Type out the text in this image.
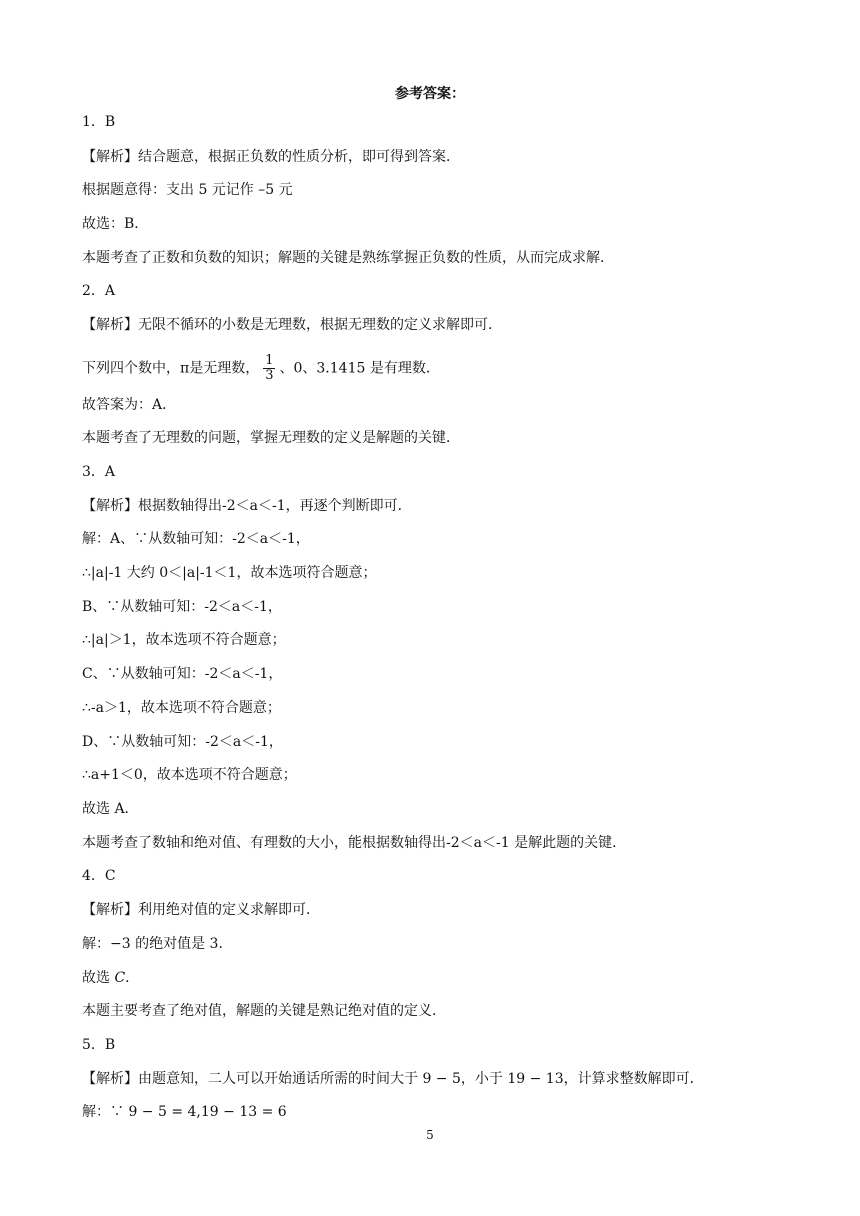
参考答案：
1．B
【解析】结合题意，根据正负数的性质分析，即可得到答案．
根据题意得：支出 5 元记作 –5 元
故选：B．
本题考查了正数和负数的知识；解题的关键是熟练掌握正负数的性质，从而完成求解．
2．A
【解析】无限不循环的小数是无理数，根据无理数的定义求解即可．
下列四个数中，π是无理数， $\frac{1}{3}$ 、0、3.1415 是有理数．
故答案为：A．
本题考查了无理数的问题，掌握无理数的定义是解题的关键．
3．A
【解析】根据数轴得出-2＜a＜-1，再逐个判断即可．
解：A、∵从数轴可知：-2＜a＜-1，
∴|a|-1 大约 0＜|a|-1＜1，故本选项符合题意；
B、∵从数轴可知：-2＜a＜-1，
∴|a|＞1，故本选项不符合题意；
C、∵从数轴可知：-2＜a＜-1，
∴-a＞1，故本选项不符合题意；
D、∵从数轴可知：-2＜a＜-1，
∴a+1＜0，故本选项不符合题意；
故选 A．
本题考查了数轴和绝对值、有理数的大小，能根据数轴得出-2＜a＜-1 是解此题的关键．
4．C
【解析】利用绝对值的定义求解即可．
解：−3 的绝对值是 3．
故选 C．
本题主要考查了绝对值，解题的关键是熟记绝对值的定义．
5．B
【解析】由题意知，二人可以开始通话所需的时间大于 9 − 5，小于 19 − 13，计算求整数解即可．
解：∵ 9 − 5 = 4,19 − 13 = 6
5
